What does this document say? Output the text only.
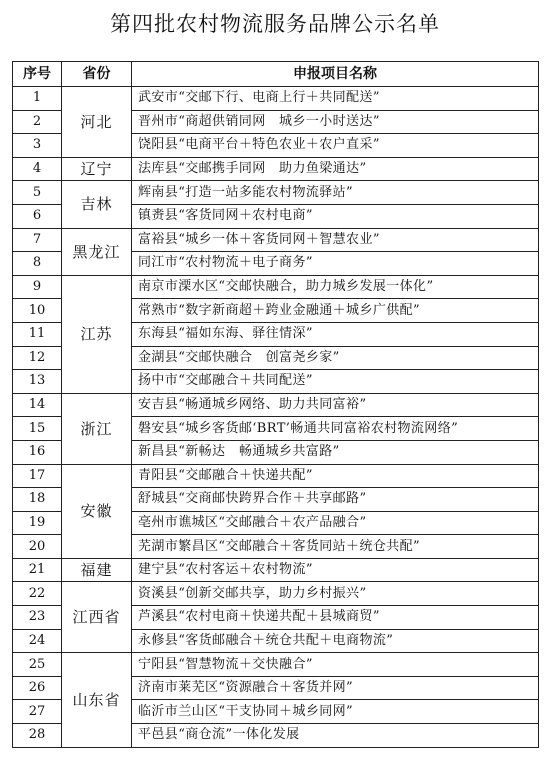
第四批农村物流服务品牌公示名单
序号	省份	申报项目名称
1	河北	武安市“交邮下行、电商上行＋共同配送”
2		晋州市“商超供销同网　城乡一小时送达”
3		饶阳县“电商平台＋特色农业＋农户直采”
4	辽宁	法库县“交邮携手同网　助力鱼梁通达”
5	吉林	辉南县“打造一站多能农村物流驿站”
6		镇赉县“客货同网＋农村电商”
7	黑龙江	富裕县“城乡一体＋客货同网＋智慧农业”
8		同江市“农村物流＋电子商务”
9	江苏	南京市溧水区“交邮快融合，助力城乡发展一体化”
10		常熟市“数字新商超＋跨业金融通＋城乡广供配”
11		东海县“福如东海、驿往情深”
12		金湖县“交邮快融合　创富尧乡家”
13		扬中市“交邮融合＋共同配送”
14	浙江	安吉县“畅通城乡网络、助力共同富裕”
15		磐安县“城乡客货邮‘BRT’畅通共同富裕农村物流网络”
16		新昌县“新畅达　畅通城乡共富路”
17	安徽	青阳县“交邮融合＋快递共配”
18		舒城县“交商邮快跨界合作＋共享邮路”
19		亳州市谯城区“交邮融合＋农产品融合”
20		芜湖市繁昌区“交邮融合＋客货同站＋统仓共配”
21	福建	建宁县“农村客运＋农村物流”
22	江西省	资溪县“创新交邮共享，助力乡村振兴”
23		芦溪县“农村电商＋快递共配＋县城商贸”
24		永修县“客货邮融合＋统仓共配＋电商物流”
25	山东省	宁阳县“智慧物流＋交快融合”
26		济南市莱芜区“资源融合＋客货并网”
27		临沂市兰山区“干支协同＋城乡同网”
28		平邑县“商仓流”一体化发展
